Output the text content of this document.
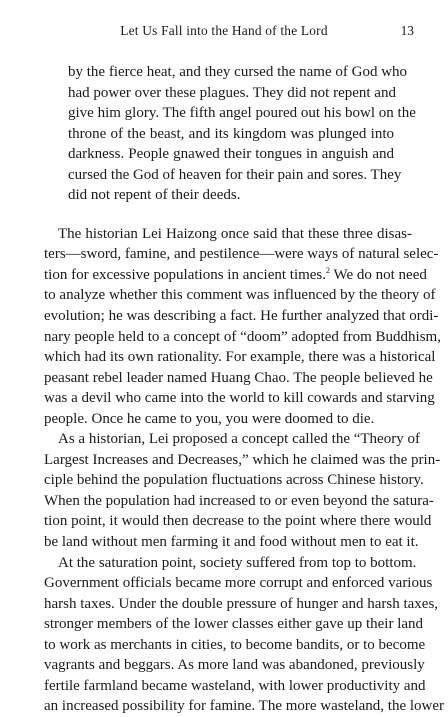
Let Us Fall into the Hand of the Lord	13
by the fierce heat, and they cursed the name of God who
had power over these plagues. They did not repent and
give him glory. The fifth angel poured out his bowl on the
throne of the beast, and its kingdom was plunged into
darkness. People gnawed their tongues in anguish and
cursed the God of heaven for their pain and sores. They
did not repent of their deeds.
The historian Lei Haizong once said that these three disas-
ters—sword, famine, and pestilence—were ways of natural selec-
tion for excessive populations in ancient times.$^2$ We do not need
to analyze whether this comment was influenced by the theory of
evolution; he was describing a fact. He further analyzed that ordi-
nary people held to a concept of “doom” adopted from Buddhism,
which had its own rationality. For example, there was a historical
peasant rebel leader named Huang Chao. The people believed he
was a devil who came into the world to kill cowards and starving
people. Once he came to you, you were doomed to die.
As a historian, Lei proposed a concept called the “Theory of
Largest Increases and Decreases,” which he claimed was the prin-
ciple behind the population fluctuations across Chinese history.
When the population had increased to or even beyond the satura-
tion point, it would then decrease to the point where there would
be land without men farming it and food without men to eat it.
At the saturation point, society suffered from top to bottom.
Government officials became more corrupt and enforced various
harsh taxes. Under the double pressure of hunger and harsh taxes,
stronger members of the lower classes either gave up their land
to work as merchants in cities, to become bandits, or to become
vagrants and beggars. As more land was abandoned, previously
fertile farmland became wasteland, with lower productivity and
an increased possibility for famine. The more wasteland, the lower
